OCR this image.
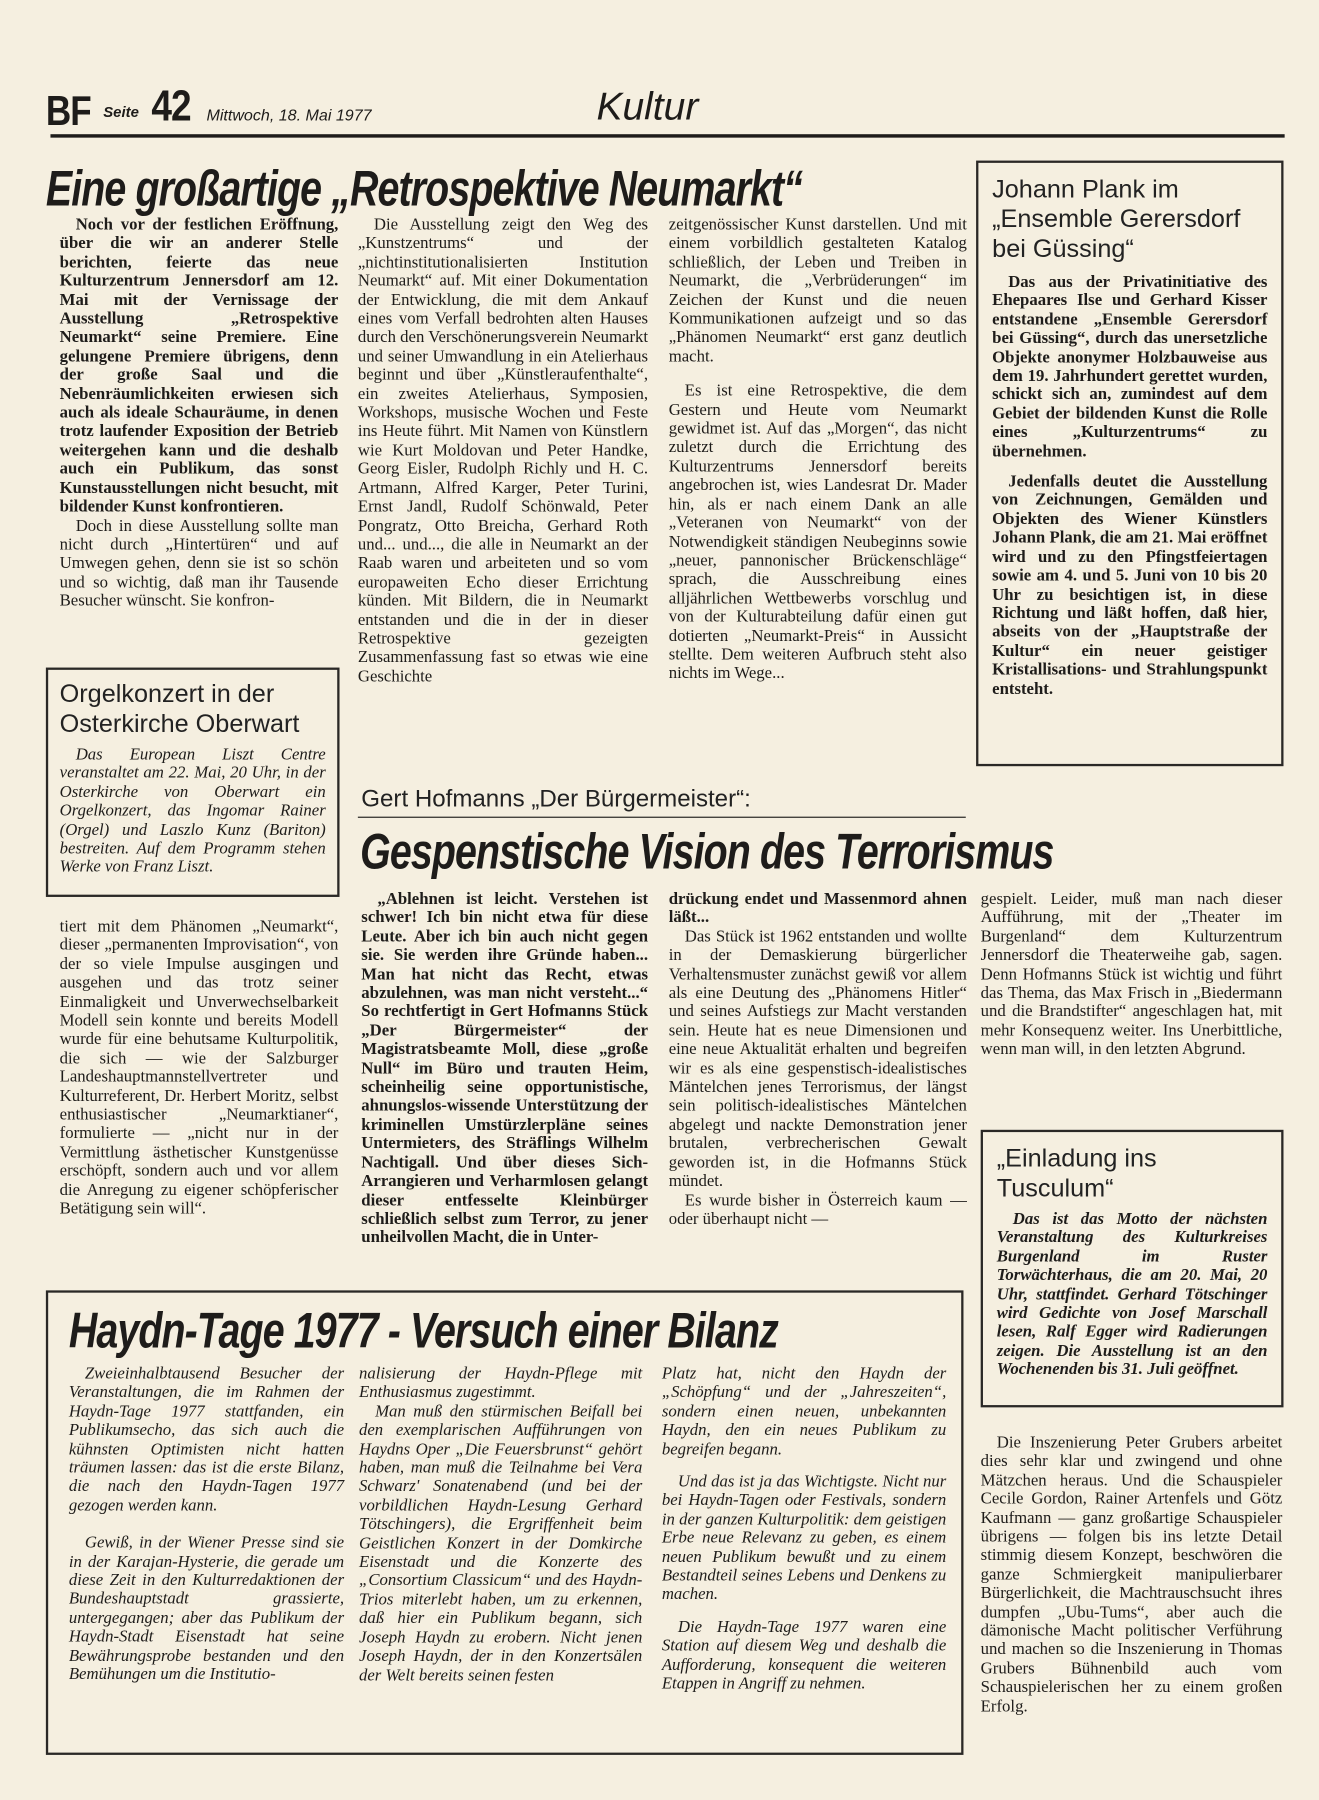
BF Seite 42 Mittwoch, 18. Mai 1977	Kultur
Eine großartige „Retrospektive Neumarkt“

Noch vor der festlichen Eröffnung, über die wir an anderer Stelle berichten, feierte das neue Kulturzentrum Jennersdorf am 12. Mai mit der Vernissage der Ausstellung „Retrospektive Neumarkt“ seine Premiere. Eine gelungene Premiere übrigens, denn der große Saal und die Nebenräumlichkeiten erwiesen sich auch als ideale Schauräume, in denen trotz laufender Exposition der Betrieb weitergehen kann und die deshalb auch ein Publikum, das sonst Kunstausstellungen nicht besucht, mit bildender Kunst konfrontieren.

Doch in diese Ausstellung sollte man nicht durch „Hintertüren“ und auf Umwegen gehen, denn sie ist so schön und so wichtig, daß man ihr Tausende Besucher wünscht. Sie konfron-

Die Ausstellung zeigt den Weg des „Kunstzentrums“ und der „nichtinstitutionalisierten Institution Neumarkt“ auf. Mit einer Dokumentation der Entwicklung, die mit dem Ankauf eines vom Verfall bedrohten alten Hauses durch den Verschönerungsverein Neumarkt und seiner Umwandlung in ein Atelierhaus beginnt und über „Künstleraufenthalte“, ein zweites Atelierhaus, Symposien, Workshops, musische Wochen und Feste ins Heute führt. Mit Namen von Künstlern wie Kurt Moldovan und Peter Handke, Georg Eisler, Rudolph Richly und H. C. Artmann, Alfred Karger, Peter Turini, Ernst Jandl, Rudolf Schönwald, Peter Pongratz, Otto Breicha, Gerhard Roth und... und..., die alle in Neumarkt an der Raab waren und arbeiteten und so vom europaweiten Echo dieser Errichtung künden. Mit Bildern, die in Neumarkt entstanden und die in der in dieser Retrospektive gezeigten Zusammenfassung fast so etwas wie eine Geschichte

zeitgenössischer Kunst darstellen. Und mit einem vorbildlich gestalteten Katalog schließlich, der Leben und Treiben in Neumarkt, die „Verbrüderungen“ im Zeichen der Kunst und die neuen Kommunikationen aufzeigt und so das „Phänomen Neumarkt“ erst ganz deutlich macht.

Es ist eine Retrospektive, die dem Gestern und Heute vom Neumarkt gewidmet ist. Auf das „Morgen“, das nicht zuletzt durch die Errichtung des Kulturzentrums Jennersdorf bereits angebrochen ist, wies Landesrat Dr. Mader hin, als er nach einem Dank an alle „Veteranen von Neumarkt“ von der Notwendigkeit ständigen Neubeginns sowie „neuer, pannonischer Brückenschläge“ sprach, die Ausschreibung eines alljährlichen Wettbewerbs vorschlug und von der Kulturabteilung dafür einen gut dotierten „Neumarkt-Preis“ in Aussicht stellte. Dem weiteren Aufbruch steht also nichts im Wege...

Orgelkonzert in der Osterkirche Oberwart

Das European Liszt Centre veranstaltet am 22. Mai, 20 Uhr, in der Osterkirche von Oberwart ein Orgelkonzert, das Ingomar Rainer (Orgel) und Laszlo Kunz (Bariton) bestreiten. Auf dem Programm stehen Werke von Franz Liszt.

tiert mit dem Phänomen „Neumarkt“, dieser „permanenten Improvisation“, von der so viele Impulse ausgingen und ausgehen und das trotz seiner Einmaligkeit und Unverwechselbarkeit Modell sein konnte und bereits Modell wurde für eine behutsame Kulturpolitik, die sich — wie der Salzburger Landeshauptmannstellvertreter und Kulturreferent, Dr. Herbert Moritz, selbst enthusiastischer „Neumarktianer“, formulierte — „nicht nur in der Vermittlung ästhetischer Kunstgenüsse erschöpft, sondern auch und vor allem die Anregung zu eigener schöpferischer Betätigung sein will“.

Johann Plank im „Ensemble Gerersdorf bei Güssing“

Das aus der Privatinitiative des Ehepaares Ilse und Gerhard Kisser entstandene „Ensemble Gerersdorf bei Güssing“, durch das unersetzliche Objekte anonymer Holzbauweise aus dem 19. Jahrhundert gerettet wurden, schickt sich an, zumindest auf dem Gebiet der bildenden Kunst die Rolle eines „Kulturzentrums“ zu übernehmen.

Jedenfalls deutet die Ausstellung von Zeichnungen, Gemälden und Objekten des Wiener Künstlers Johann Plank, die am 21. Mai eröffnet wird und zu den Pfingstfeiertagen sowie am 4. und 5. Juni von 10 bis 20 Uhr zu besichtigen ist, in diese Richtung und läßt hoffen, daß hier, abseits von der „Hauptstraße der Kultur“ ein neuer geistiger Kristallisations- und Strahlungspunkt entsteht.

Gert Hofmanns „Der Bürgermeister“:
Gespenstische Vision des Terrorismus

„Ablehnen ist leicht. Verstehen ist schwer! Ich bin nicht etwa für diese Leute. Aber ich bin auch nicht gegen sie. Sie werden ihre Gründe haben... Man hat nicht das Recht, etwas abzulehnen, was man nicht versteht...“ So rechtfertigt in Gert Hofmanns Stück „Der Bürgermeister“ der Magistratsbeamte Moll, diese „große Null“ im Büro und trauten Heim, scheinheilig seine opportunistische, ahnungslos-wissende Unterstützung der kriminellen Umstürzlerpläne seines Untermieters, des Sträflings Wilhelm Nachtigall. Und über dieses Sich-Arrangieren und Verharmlosen gelangt dieser entfesselte Kleinbürger schließlich selbst zum Terror, zu jener unheilvollen Macht, die in Unter-

drückung endet und Massenmord ahnen läßt...

Das Stück ist 1962 entstanden und wollte in der Demaskierung bürgerlicher Verhaltensmuster zunächst gewiß vor allem als eine Deutung des „Phänomens Hitler“ und seines Aufstiegs zur Macht verstanden sein. Heute hat es neue Dimensionen und eine neue Aktualität erhalten und begreifen wir es als eine gespenstisch-idealistisches Mäntelchen jenes Terrorismus, der längst sein politisch-idealistisches Mäntelchen abgelegt und nackte Demonstration jener brutalen, verbrecherischen Gewalt geworden ist, in die Hofmanns Stück mündet.

Es wurde bisher in Österreich kaum — oder überhaupt nicht —

gespielt. Leider, muß man nach dieser Aufführung, mit der „Theater im Burgenland“ dem Kulturzentrum Jennersdorf die Theaterweihe gab, sagen. Denn Hofmanns Stück ist wichtig und führt das Thema, das Max Frisch in „Biedermann und die Brandstifter“ angeschlagen hat, mit mehr Konsequenz weiter. Ins Unerbittliche, wenn man will, in den letzten Abgrund.

„Einladung ins Tusculum“

Das ist das Motto der nächsten Veranstaltung des Kulturkreises Burgenland im Ruster Torwächterhaus, die am 20. Mai, 20 Uhr, stattfindet. Gerhard Tötschinger wird Gedichte von Josef Marschall lesen, Ralf Egger wird Radierungen zeigen. Die Ausstellung ist an den Wochenenden bis 31. Juli geöffnet.

Die Inszenierung Peter Grubers arbeitet dies sehr klar und zwingend und ohne Mätzchen heraus. Und die Schauspieler Cecile Gordon, Rainer Artenfels und Götz Kaufmann — ganz großartige Schauspieler übrigens — folgen bis ins letzte Detail stimmig diesem Konzept, beschwören die ganze Schmiergkeit manipulierbarer Bürgerlichkeit, die Machtrauschsucht ihres dumpfen „Ubu-Tums“, aber auch die dämonische Macht politischer Verführung und machen so die Inszenierung in Thomas Grubers Bühnenbild auch vom Schauspielerischen her zu einem großen Erfolg.

Haydn-Tage 1977 - Versuch einer Bilanz

Zweieinhalbtausend Besucher der Veranstaltungen, die im Rahmen der Haydn-Tage 1977 stattfanden, ein Publikumsecho, das sich auch die kühnsten Optimisten nicht hatten träumen lassen: das ist die erste Bilanz, die nach den Haydn-Tagen 1977 gezogen werden kann.

Gewiß, in der Wiener Presse sind sie in der Karajan-Hysterie, die gerade um diese Zeit in den Kulturredaktionen der Bundeshauptstadt grassierte, untergegangen; aber das Publikum der Haydn-Stadt Eisenstadt hat seine Bewährungsprobe bestanden und den Bemühungen um die Institutio-

nalisierung der Haydn-Pflege mit Enthusiasmus zugestimmt.

Man muß den stürmischen Beifall bei den exemplarischen Aufführungen von Haydns Oper „Die Feuersbrunst“ gehört haben, man muß die Teilnahme bei Vera Schwarz' Sonatenabend (und bei der vorbildlichen Haydn-Lesung Gerhard Tötschingers), die Ergriffenheit beim Geistlichen Konzert in der Domkirche Eisenstadt und die Konzerte des „Consortium Classicum“ und des Haydn-Trios miterlebt haben, um zu erkennen, daß hier ein Publikum begann, sich Joseph Haydn zu erobern. Nicht jenen Joseph Haydn, der in den Konzertsälen der Welt bereits seinen festen

Platz hat, nicht den Haydn der „Schöpfung“ und der „Jahreszeiten“, sondern einen neuen, unbekannten Haydn, den ein neues Publikum zu begreifen begann.

Und das ist ja das Wichtigste. Nicht nur bei Haydn-Tagen oder Festivals, sondern in der ganzen Kulturpolitik: dem geistigen Erbe neue Relevanz zu geben, es einem neuen Publikum bewußt und zu einem Bestandteil seines Lebens und Denkens zu machen.

Die Haydn-Tage 1977 waren eine Station auf diesem Weg und deshalb die Aufforderung, konsequent die weiteren Etappen in Angriff zu nehmen.
